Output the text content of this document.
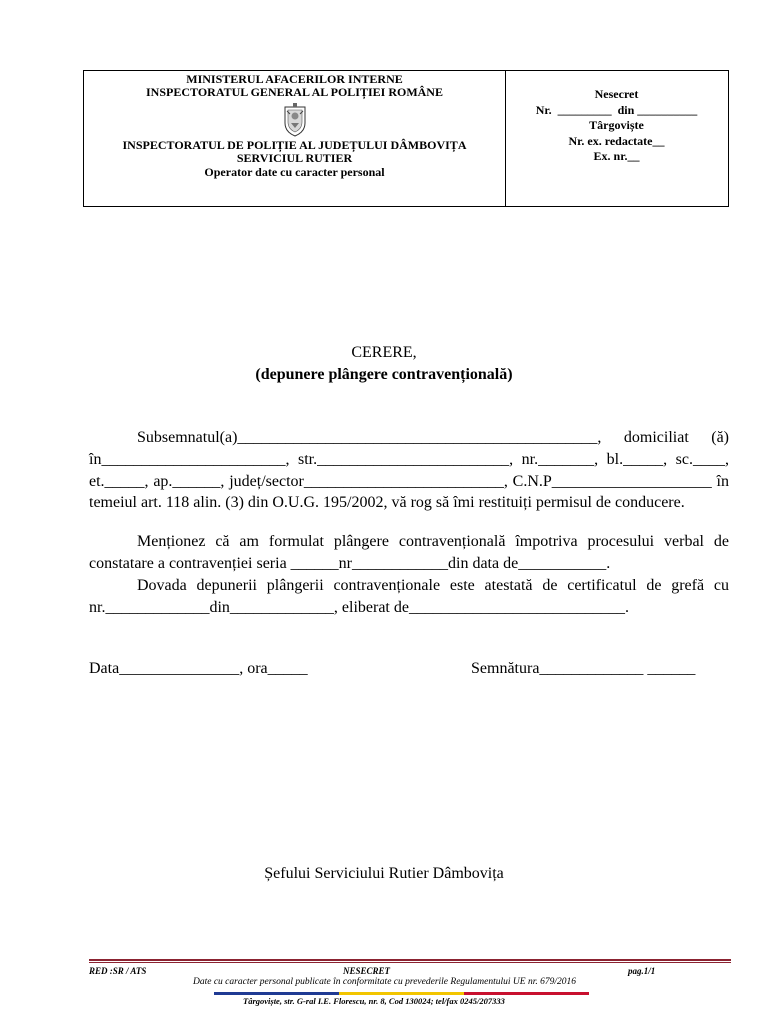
MINISTERUL AFACERILOR INTERNE
INSPECTORATUL GENERAL AL POLIȚIEI ROMÂNE
INSPECTORATUL DE POLIȚIE AL JUDEȚULUI DÂMBOVIȚA
SERVICIUL RUTIER
Operator date cu caracter personal
Nesecret
Nr.  _________  din __________
Târgoviște
Nr. ex. redactate__
Ex. nr.__
CERERE,
(depunere plângere contravențională)
Subsemnatul(a)_____________________________________________, domiciliat (ă) în_______________________, str.________________________, nr._______, bl._____, sc.____, et._____, ap.______, județ/sector_________________________, C.N.P____________________ în temeiul art. 118 alin. (3) din O.U.G. 195/2002, vă rog să îmi restituiți permisul de conducere.
Menționez că am formulat plângere contravențională împotriva procesului verbal de constatare a contravenției seria ______nr____________din data de___________.
Dovada depunerii plângerii contravenționale este atestată de certificatul de grefă cu nr._____________din_____________, eliberat de___________________________.
Data_______________, ora_____	Semnătura_____________ ______
Șefului Serviciului Rutier Dâmbovița
RED :SR / ATS	NESECRET	pag.1/1
Date cu caracter personal publicate în conformitate cu prevederile Regulamentului UE nr. 679/2016
Târgoviște, str. G-ral I.E. Florescu, nr. 8, Cod 130024; tel/fax 0245/207333
